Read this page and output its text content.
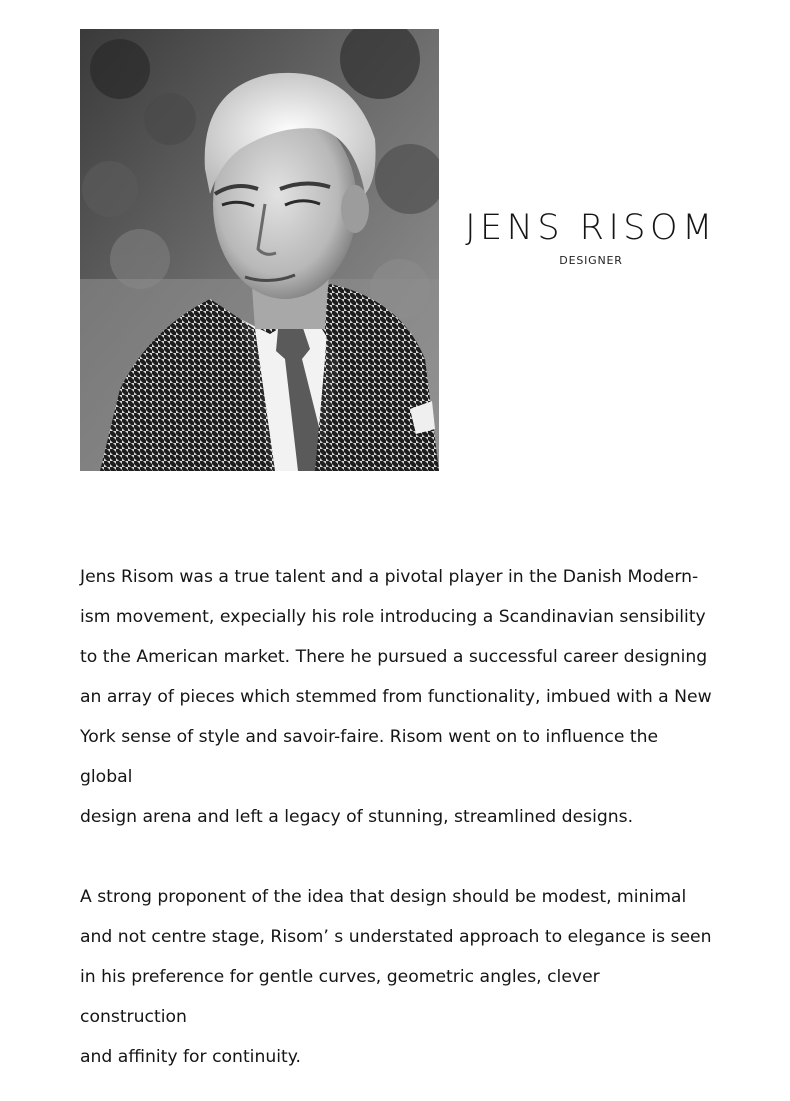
JENS RISOM
DESIGNER

Jens Risom was a true talent and a pivotal player in the Danish Modern-
ism movement, expecially his role introducing a Scandinavian sensibility
to the American market. There he pursued a successful career designing
an array of pieces which stemmed from functionality, imbued with a New
York sense of style and savoir-faire. Risom went on to influence the global
design arena and left a legacy of stunning, streamlined designs.

A strong proponent of the idea that design should be modest, minimal
and not centre stage, Risom’ s understated approach to elegance is seen
in his preference for gentle curves, geometric angles, clever construction
and affinity for continuity.
